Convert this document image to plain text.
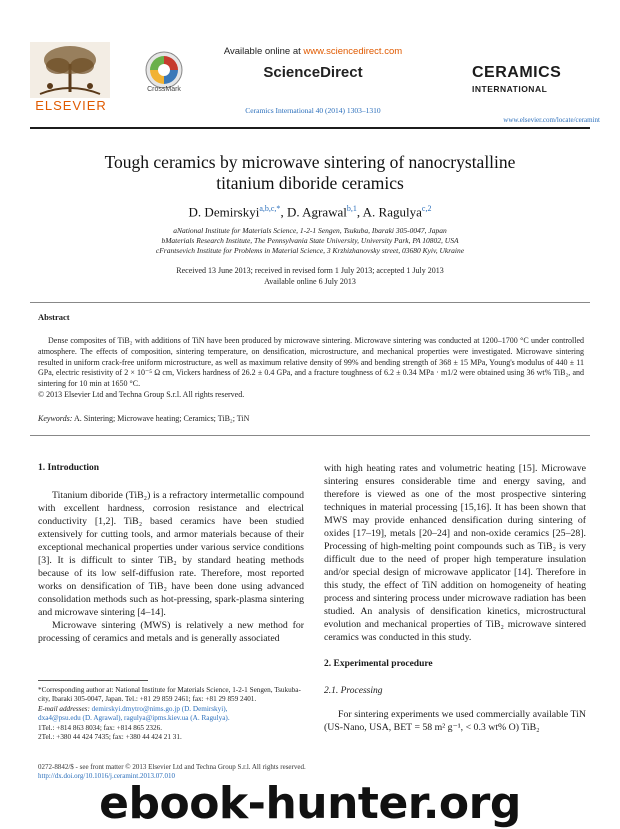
ELSEVIER
CrossMark
Available online at www.sciencedirect.com
ScienceDirect
Ceramics International 40 (2014) 1303–1310
CERAMICS
INTERNATIONAL
www.elsevier.com/locate/ceramint
Tough ceramics by microwave sintering of nanocrystalline
titanium diboride ceramics
D. Demirskyi$^{a,b,c,*}$, D. Agrawal$^{b,1}$, A. Ragulya$^{c,2}$
aNational Institute for Materials Science, 1-2-1 Sengen, Tsukuba, Ibaraki 305-0047, Japan
bMaterials Research Institute, The Pennsylvania State University, University Park, PA 10802, USA
cFrantsevich Institute for Problems in Material Science, 3 Krzhizhanovsky street, 03680 Kyiv, Ukraine
Received 13 June 2013; received in revised form 1 July 2013; accepted 1 July 2013
Available online 6 July 2013
Abstract
Dense composites of TiB₂ with additions of TiN have been produced by microwave sintering. Microwave sintering was conducted at 1200–1700 °C under controlled atmosphere. The effects of composition, sintering temperature, on densification, microstructure, and mechanical properties were investigated. Microwave sintering resulted in uniform crack-free uniform microstructure, as well as maximum relative density of 99% and bending strength of 368 ± 15 MPa, Young's modulus of 440 ± 11 GPa, electric resistivity of 2 × 10⁻⁵ Ω cm, Vickers hardness of 26.2 ± 0.4 GPa, and a fracture toughness of 6.2 ± 0.34 MPa · m1/2 were obtained using 36 wt% TiB₂, and sintering for 10 min at 1650 °C.
© 2013 Elsevier Ltd and Techna Group S.r.l. All rights reserved.
Keywords: A. Sintering; Microwave heating; Ceramics; TiB₂; TiN
1. Introduction

Titanium diboride (TiB₂) is a refractory intermetallic compound with excellent hardness, corrosion resistance and electrical conductivity [1,2]. TiB₂ based ceramics have been studied extensively for cutting tools, and armor materials because of their exceptional mechanical properties under various service conditions [3]. It is difficult to sinter TiB₂ by standard heating methods because of its low self-diffusion rate. Therefore, most reported works on densification of TiB₂ have been done using advanced consolidation methods such as hot-pressing, spark-plasma sintering and microwave sintering [4–14].

Microwave sintering (MWS) is relatively a new method for processing of ceramics and metals and is generally associated

*Corresponding author at: National Institute for Materials Science, 1-2-1 Sengen, Tsukuba-city, Ibaraki 305-0047, Japan. Tel.: +81 29 859 2461; fax: +81 29 859 2401.

E-mail addresses: demirskyi.dmytro@nims.go.jp (D. Demirskyi),

dxa4@psu.edu (D. Agrawal), ragulya@ipms.kiev.ua (A. Ragulya).

1Tel.: +814 863 8034; fax: +814 865 2326.

2Tel.: +380 44 424 7435; fax: +380 44 424 21 31.

with high heating rates and volumetric heating [15]. Microwave sintering ensures considerable time and energy saving, and therefore is viewed as one of the most prospective sintering techniques in material processing [15,16]. It has been shown that MWS may provide enhanced densification during sintering of oxides [17–19], metals [20–24] and non-oxide ceramics [25–28]. Processing of high-melting point compounds such as TiB₂ is very difficult due to the need of proper high temperature insulation and/or special design of microwave applicator [14]. Therefore in this study, the effect of TiN addition on homogeneity of heating process and sintering process under microwave radiation has been studied. An analysis of densification kinetics, microstructural evolution and mechanical properties of TiB₂ microwave sintered ceramics was conducted in this study.

2. Experimental procedure
2.1. Processing

For sintering experiments we used commercially available TiN (US-Nano, USA, BET = 58 m² g⁻¹, < 0.3 wt% O) TiB₂

0272-8842/$ - see front matter © 2013 Elsevier Ltd and Techna Group S.r.l. All rights reserved.
http://dx.doi.org/10.1016/j.ceramint.2013.07.010
ebook-hunter.org
